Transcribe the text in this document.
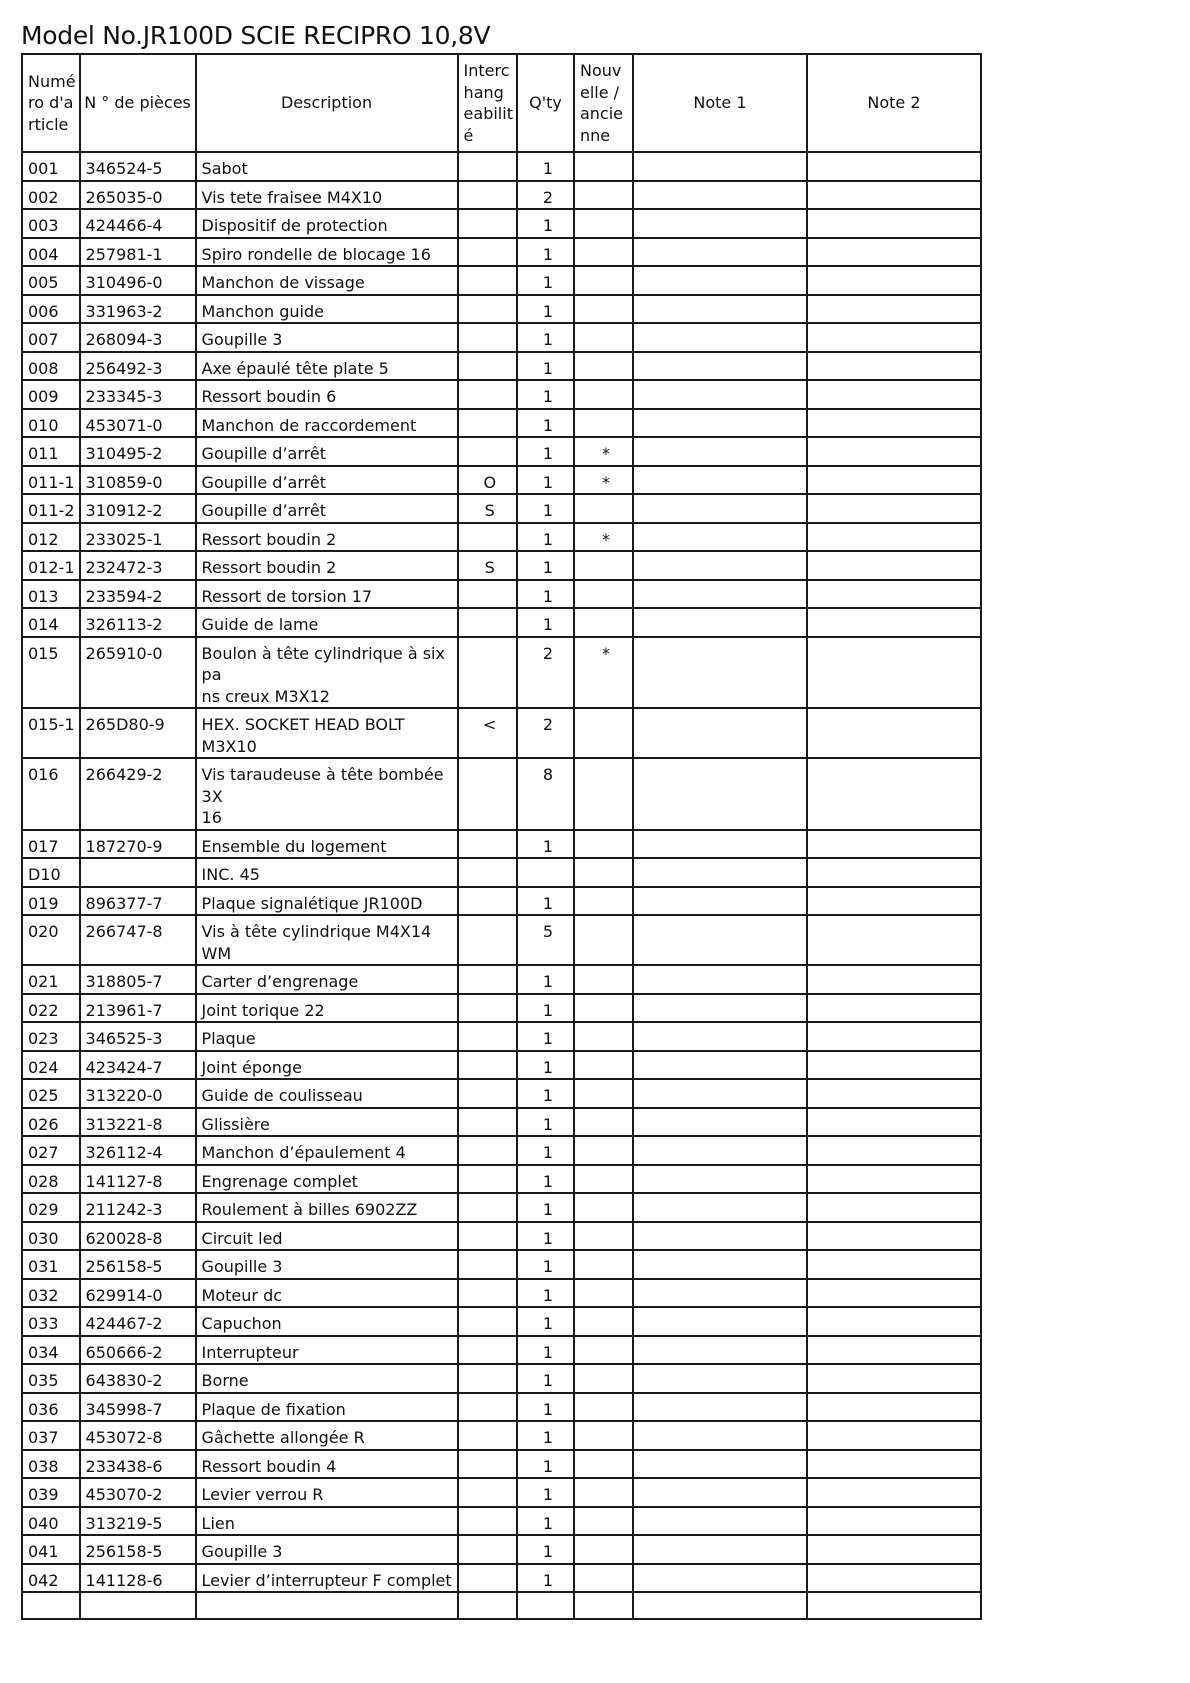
Model No.JR100D SCIE RECIPRO 10,8V
Numé
ro d'a
rticle	N ° de pièces	Description	Interc
hang
eabilit
é	Q'ty	Nouv
elle /
ancie
nne	Note 1	Note 2
001	346524-5	Sabot		1			
002	265035-0	Vis tete fraisee M4X10		2			
003	424466-4	Dispositif de protection		1			
004	257981-1	Spiro rondelle de blocage 16		1			
005	310496-0	Manchon de vissage		1			
006	331963-2	Manchon guide		1			
007	268094-3	Goupille 3		1			
008	256492-3	Axe épaulé tête plate 5		1			
009	233345-3	Ressort boudin 6		1			
010	453071-0	Manchon de raccordement		1			
011	310495-2	Goupille d’arrêt		1	*		
011-1	310859-0	Goupille d’arrêt	O	1	*		
011-2	310912-2	Goupille d’arrêt	S	1			
012	233025-1	Ressort boudin 2		1	*		
012-1	232472-3	Ressort boudin 2	S	1			
013	233594-2	Ressort de torsion 17		1			
014	326113-2	Guide de lame		1			
015	265910-0	Boulon à tête cylindrique à six pa
ns creux M3X12		2	*		
015-1	265D80-9	HEX. SOCKET HEAD BOLT M3X10	<	2			
016	266429-2	Vis taraudeuse à tête bombée 3X
16		8			
017	187270-9	Ensemble du logement		1			
D10		INC. 45					
019	896377-7	Plaque signalétique JR100D		1			
020	266747-8	Vis à tête cylindrique M4X14 WM		5			
021	318805-7	Carter d’engrenage		1			
022	213961-7	Joint torique 22		1			
023	346525-3	Plaque		1			
024	423424-7	Joint éponge		1			
025	313220-0	Guide de coulisseau		1			
026	313221-8	Glissière		1			
027	326112-4	Manchon d’épaulement 4		1			
028	141127-8	Engrenage complet		1			
029	211242-3	Roulement à billes 6902ZZ		1			
030	620028-8	Circuit led		1			
031	256158-5	Goupille 3		1			
032	629914-0	Moteur dc		1			
033	424467-2	Capuchon		1			
034	650666-2	Interrupteur		1			
035	643830-2	Borne		1			
036	345998-7	Plaque de fixation		1			
037	453072-8	Gâchette allongée R		1			
038	233438-6	Ressort boudin 4		1			
039	453070-2	Levier verrou R		1			
040	313219-5	Lien		1			
041	256158-5	Goupille 3		1			
042	141128-6	Levier d’interrupteur F complet		1			
